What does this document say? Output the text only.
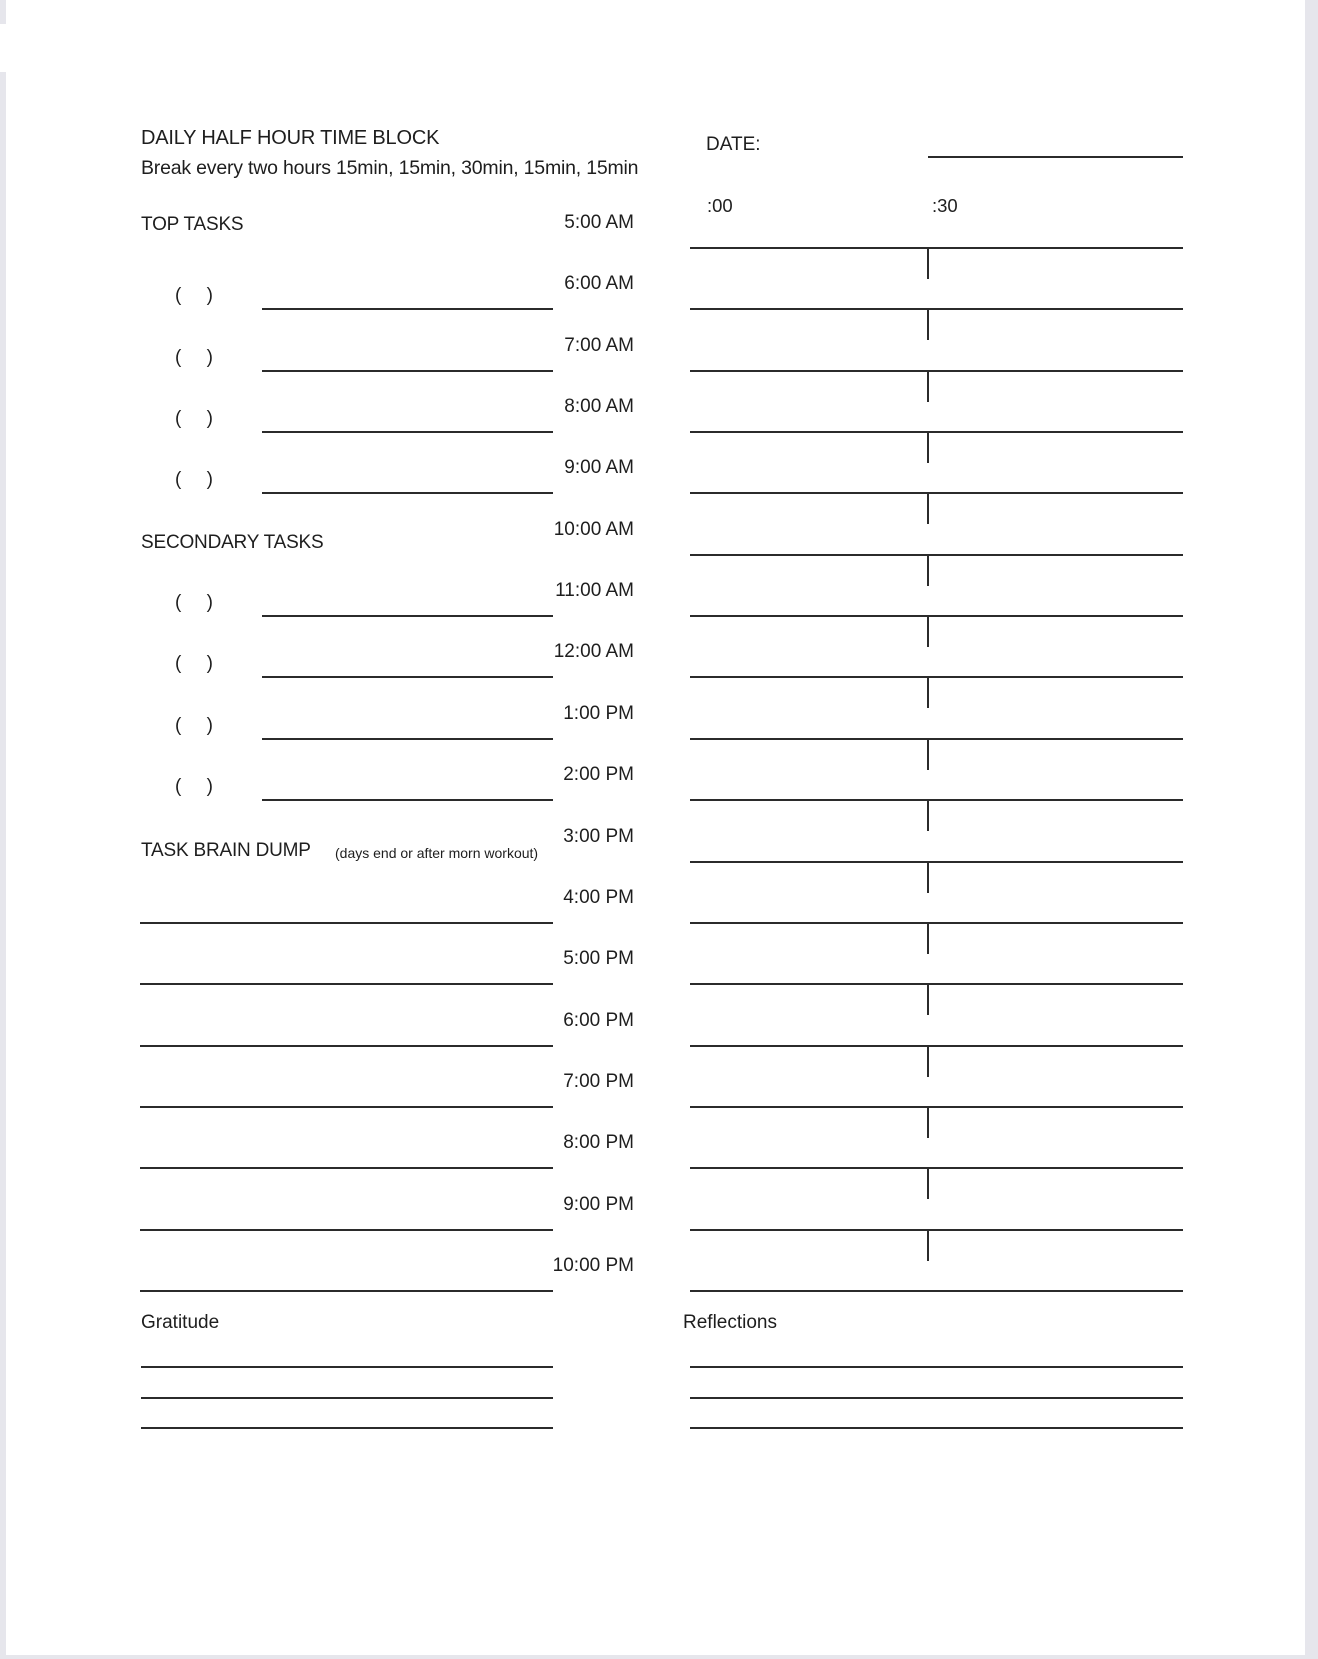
DAILY HALF HOUR TIME BLOCK
Break every two hours 15min, 15min, 30min, 15min, 15min
DATE:
:00	:30
TOP TASKS
SECONDARY TASKS
TASK BRAIN DUMP (days end or after morn workout)
Gratitude	Reflections
5:00 AM
6:00 AM
7:00 AM
8:00 AM
9:00 AM
10:00 AM
11:00 AM
12:00 AM
1:00 PM
2:00 PM
3:00 PM
4:00 PM
5:00 PM
6:00 PM
7:00 PM
8:00 PM
9:00 PM
10:00 PM
( )
( )
( )
( )
( )
( )
( )
( )
